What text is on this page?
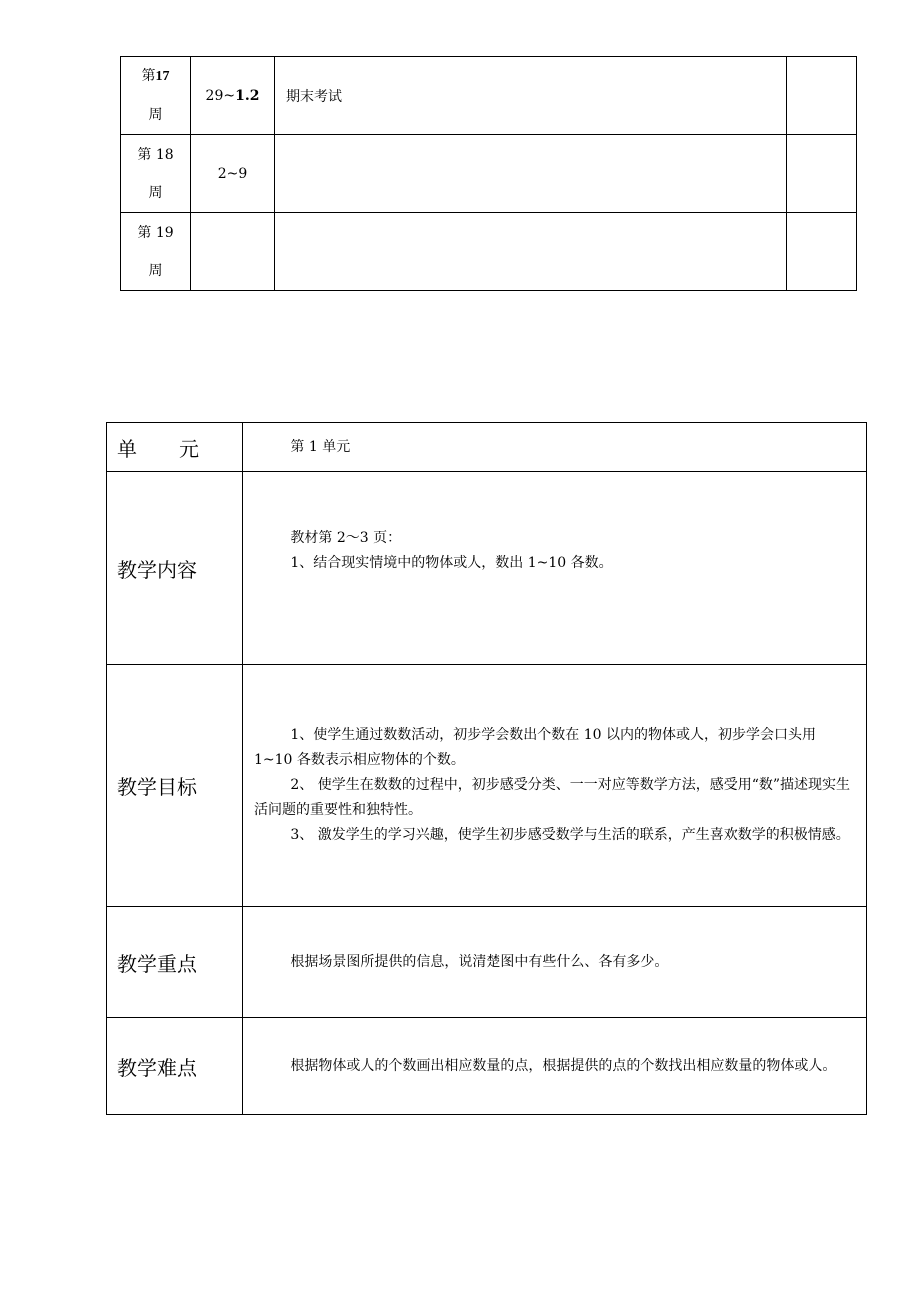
第17
周	29~1.2	期末考试	

第 18
周	2~9		

第 19
周			

单 元	第 1 单元
教学内容	教材第 2～3 页：

1、结合现实情境中的物体或人，数出 1~10 各数。

教学目标	1、使学生通过数数活动，初步学会数出个数在 10 以内的物体或人，初步学会口头用 1~10 各数表示相应物体的个数。

2、 使学生在数数的过程中，初步感受分类、一一对应等数学方法，感受用“数”描述现实生活问题的重要性和独特性。

3、 激发学生的学习兴趣，使学生初步感受数学与生活的联系，产生喜欢数学的积极情感。

教学重点	根据场景图所提供的信息，说清楚图中有些什么、各有多少。

教学难点	根据物体或人的个数画出相应数量的点，根据提供的点的个数找出相应数量的物体或人。
